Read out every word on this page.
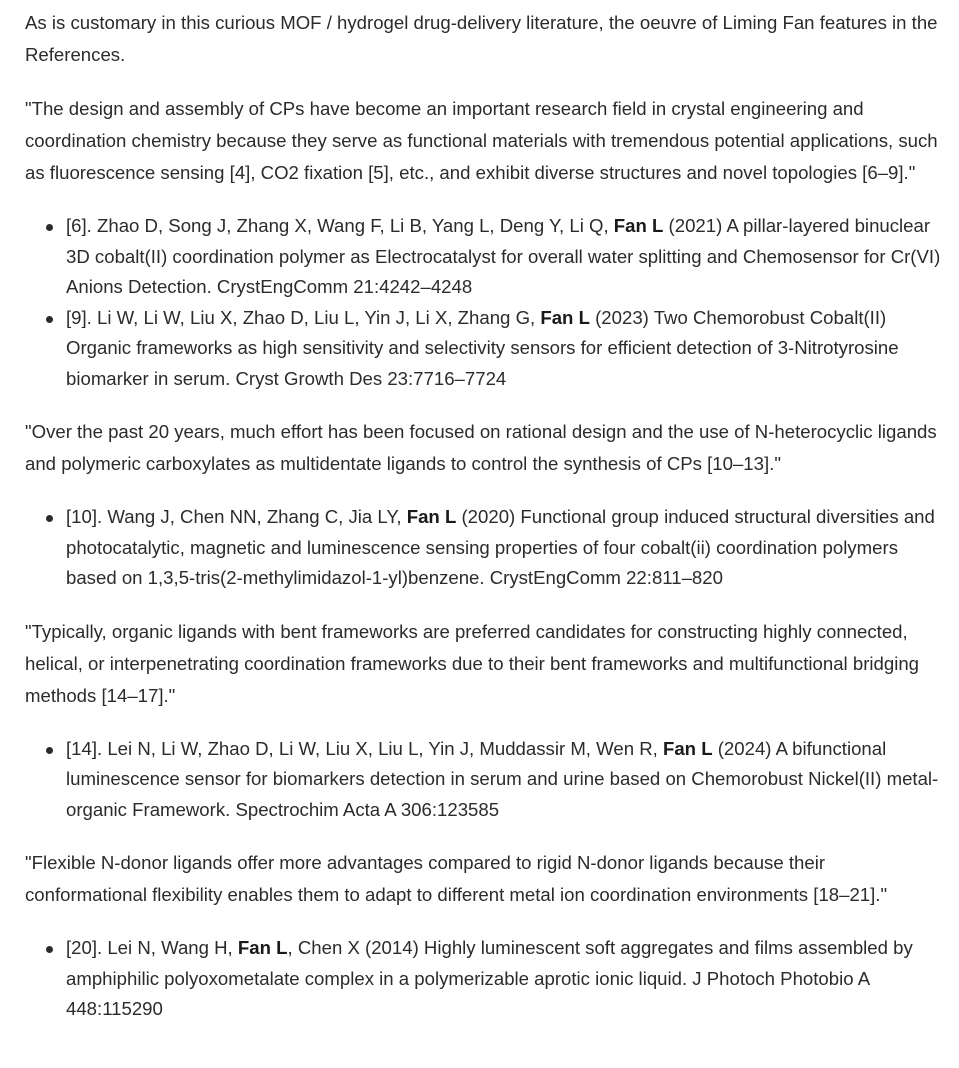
As is customary in this curious MOF / hydrogel drug-delivery literature, the oeuvre of Liming Fan features in the References.

"The design and assembly of CPs have become an important research field in crystal engineering and coordination chemistry because they serve as functional materials with tremendous potential applications, such as fluorescence sensing [4], CO2 fixation [5], etc., and exhibit diverse structures and novel topologies [6–9]."

[6]. Zhao D, Song J, Zhang X, Wang F, Li B, Yang L, Deng Y, Li Q, Fan L (2021) A pillar-layered binuclear 3D cobalt(II) coordination polymer as Electrocatalyst for overall water splitting and Chemosensor for Cr(VI) Anions Detection. CrystEngComm 21:4242–4248
[9]. Li W, Li W, Liu X, Zhao D, Liu L, Yin J, Li X, Zhang G, Fan L (2023) Two Chemorobust Cobalt(II) Organic frameworks as high sensitivity and selectivity sensors for efficient detection of 3-Nitrotyrosine biomarker in serum. Cryst Growth Des 23:7716–7724

"Over the past 20 years, much effort has been focused on rational design and the use of N-heterocyclic ligands and polymeric carboxylates as multidentate ligands to control the synthesis of CPs [10–13]."

[10]. Wang J, Chen NN, Zhang C, Jia LY, Fan L (2020) Functional group induced structural diversities and photocatalytic, magnetic and luminescence sensing properties of four cobalt(ii) coordination polymers based on 1,3,5-tris(2-methylimidazol-1-yl)benzene. CrystEngComm 22:811–820

"Typically, organic ligands with bent frameworks are preferred candidates for constructing highly connected, helical, or interpenetrating coordination frameworks due to their bent frameworks and multifunctional bridging methods [14–17]."

[14]. Lei N, Li W, Zhao D, Li W, Liu X, Liu L, Yin J, Muddassir M, Wen R, Fan L (2024) A bifunctional luminescence sensor for biomarkers detection in serum and urine based on Chemorobust Nickel(II) metal-organic Framework. Spectrochim Acta A 306:123585

"Flexible N-donor ligands offer more advantages compared to rigid N-donor ligands because their conformational flexibility enables them to adapt to different metal ion coordination environments [18–21]."

[20]. Lei N, Wang H, Fan L, Chen X (2014) Highly luminescent soft aggregates and films assembled by amphiphilic polyoxometalate complex in a polymerizable aprotic ionic liquid. J Photoch Photobio A 448:115290
